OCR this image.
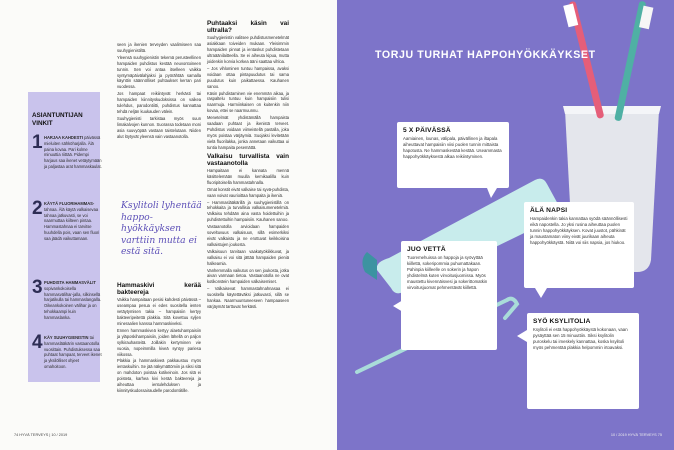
ASIANTUNTIJAN VINKIT
1 HARJAA KAHDESTI päivässä mieluiten sähköharjalla. Älä paina kovaa. Pari kolme minuuttia riittää. Pidempi harjaus saa ikenet vetäytymään ja paljastaa arat hammaskaulat.
2 KÄYTÄ FLUORIHAMMAS- tahnaa. Älä käytä valkaisevaa tahnaa jatkuvasti, se voi naarmuttaa kiilteen pintaa. Hammastahnaa ei tarvitse huuhdella pois, vaan sen fluori saa jäädä vaikuttamaan.
3 PUHDISTA HAMMASVÄLIT sopivankokoisella hammasvälihar-jalla, silkinsellä harjatikulla tai hammaslangalla. Oikeankokoinen välihar ja on tehokkaampi kuin hammaslanka.
4 KÄY SUUHYGIENISTIN tai hammaslääkärin vastaanotolla vuosittain. Puhdistuksessa saa puhtaat hampaat, terveet ikenet ja yksilölliset ohjeet omahoitoon.

seen ja ikenien terveyden vaalimiseen saa suuhygienistiltä.

Yleensä suuhygienistin tekemä perusteellinen hampaiden puhdistus kestää neuvontoineen tunnin. Sen voi antaa itselleen vaikka syntymäpäivälahjaksi ja pyörähtää samalla käynttin säännölliset puhtaukset kerran pari vuodessa.

Jos hampaat reikiintyvät herkästi tai hampaiden kiinnityskudoksissa on vaikea tulehdus, parodontiitti, puhdistus kannattaa tehdä neljän kuukauden välein.

Suuhygienisti tarkistaa myös suun limakalvojen kunnon. Suorassa todetaan moni asia suuvyöpää vastaan taistelutaan. Niiden alut löytyvät yleensä vain vastaanotolla.

Ksylitoli lyhentää happo-hyökkäyksen varttiin mutta ei estä sitä.
Hammaskivi kerää bakteereja

Vaikka hampaitaan pesisi kahdesti päivässä – useampaa pesua ei edes suositella ienten vetäytymisen takia – hampaisiin kertyy bakteeripeitettä plakkia. Sitä kovettuu syljen mineraalien kanssa hammaskiveksi.

Ennen hammaskiveä kertyy alaetuhampaisiin ja yläposkihampaisiin, joiden lähellä on paljon sylkirauhasteitä. Joillakin kertyminen vie vuosia, nopeimmilla kiveä syntyy pariesa viikossa.

Plakkia ja hammaskiveä pakkaustuu myös ientaskuihin. Se jää näkymättömiin ja siksi sitä on mahdoton poistaa kotikeinoin. Jos sitä ei poisteta, karhea kivi kerää bakteereja ja aiheuttaa ientulehduksen ja kiinnityskudossairaudelle parodontiitille.

Puhtaaksi käsin vai ultralla?

Suuhygienistin valitsee puhdistusmenetelmät asiakkaan toiveiden mukaan. Yleisimmin hampaiden pinnat ja ientaskut puhdistetaan ultraäänilaitteella. Se ei aiheuta kipua, mutta joidenkin korvia korkea ääni saattaa vihloa.

– Jos vihlominen tuntuu hampaissa, avaksi voidaan ottaa pintapuudutus tai sama puudutus kuin paikattaessa. Kauhanen sanoo.

Käsin puhdistaminen vie enemmän aikaa, ja raspaltelu tuntuu kuin hampaisiin tulisi naarmuja. Harmiinkaisen on kuitenkin niin kovaa, ettei se naarmuunnu.

Menetelmät yhdistämällä hampaista saadaan puhtaat ja ikenistä terveet. Puhdistus voidaan viimeistellä pastalla, joka myös poistaa värjäymiä. Suojaksi levitetään vielä fluorilakka, jonka annetaan vaikuttaa ui tuntia hampaita pesemättä.

Valkaisu turvallista vain vastaanotolla

Hampaitaan ei kannata mennä käsittelemään muulla kemikaalilla kuin fluoripitoisella hammastahnalla.

Omat konstit eivät valkaise tai syvä-puhdista, vaan voivat vaurioittaa hampaita ja ikeniä.

– Hammaslääkärillä ja suuhygienistillä on tehokkaita ja turvallisia valkaisumenetelmiä. Valkaisu tehdään aina vasta hoidettuihin ja puhdistettuihin hampaisiin. Kauhanen sanoo.

Vastaanotolla arvioidaan hampaiden soveltuvuus valkaisuun, sillä esimerkiksi eivät valkaistu ja ne erottuvat keikkoisina valkaistujen joukosta.

Valkaisuun tarvitaan vaakatyökiikkuvat, ja valkaisu ei voi sitä jättää hampaiden pieniä halkeamia.

Vanhemmalla vaikutus on sen joukosta, jotka aivan varmaan tietoa. Vastaanotolla ne ovat kotikonstein hampaiden valkaisemiset.

– Valkaisevat hammastahnahnasaa ei suositella käytettäväksi jatkuvasti, sillä se hankaa. Naarmuuntuneeseen hampaaseen värjäymät tarttuvat herkästi.

74 HYVÄ TERVEYS | 10 / 2019
TORJU TURHAT HAPPOHYÖKKÄYKSET
5 X PÄIVÄSSÄ

Aamiainen, lounas, välipala, päivällinen ja iltapala aiheuttavat hampaisiin viisi puolen tunnin mittaista hapotusta. Ne hammaskestää kestää. Useammasta happohyökkäyksestä alkaa reikiintyminen.

ÄLÄ NAPSI

Hampaidenkin takia kannattaa syödä säännöllisesti eikä napostella. Jo yksi rusina aiheuttaa puolen tunnin happohyökkäyksen. Kovat juustot, pähkinät ja maustamaton viiny eivät juurikaan aiheuta happohyökkäystä. Niitä voi siis napsia, jos hiukoo.

JUO VETTÄ

Tuoremehuissa on happoja ja syövyttää kiillettä, sokeripommia puhumattakaan. Pahinpia kiilleelle on sokerin ja hapon yhdistelmä kuten virvoitusjuomissa. Myös maustettu kivennäisvesi ja sokerittomatkin virvoitusjuomat pehmentävät kiillettä.

SYÖ KSYLITOLIA

Ksylitoli ei estä happohyökkäystä kokonaan, vaan pysäyttää sen 15 minuuttiin. Siksi ksylitolin puroskelu tai imeskely kannattaa, koska ksylitoli myös pehmentää plakkia helpommin irtoavaksi.

10 / 2019 HYVÄ TERVEYS 75
